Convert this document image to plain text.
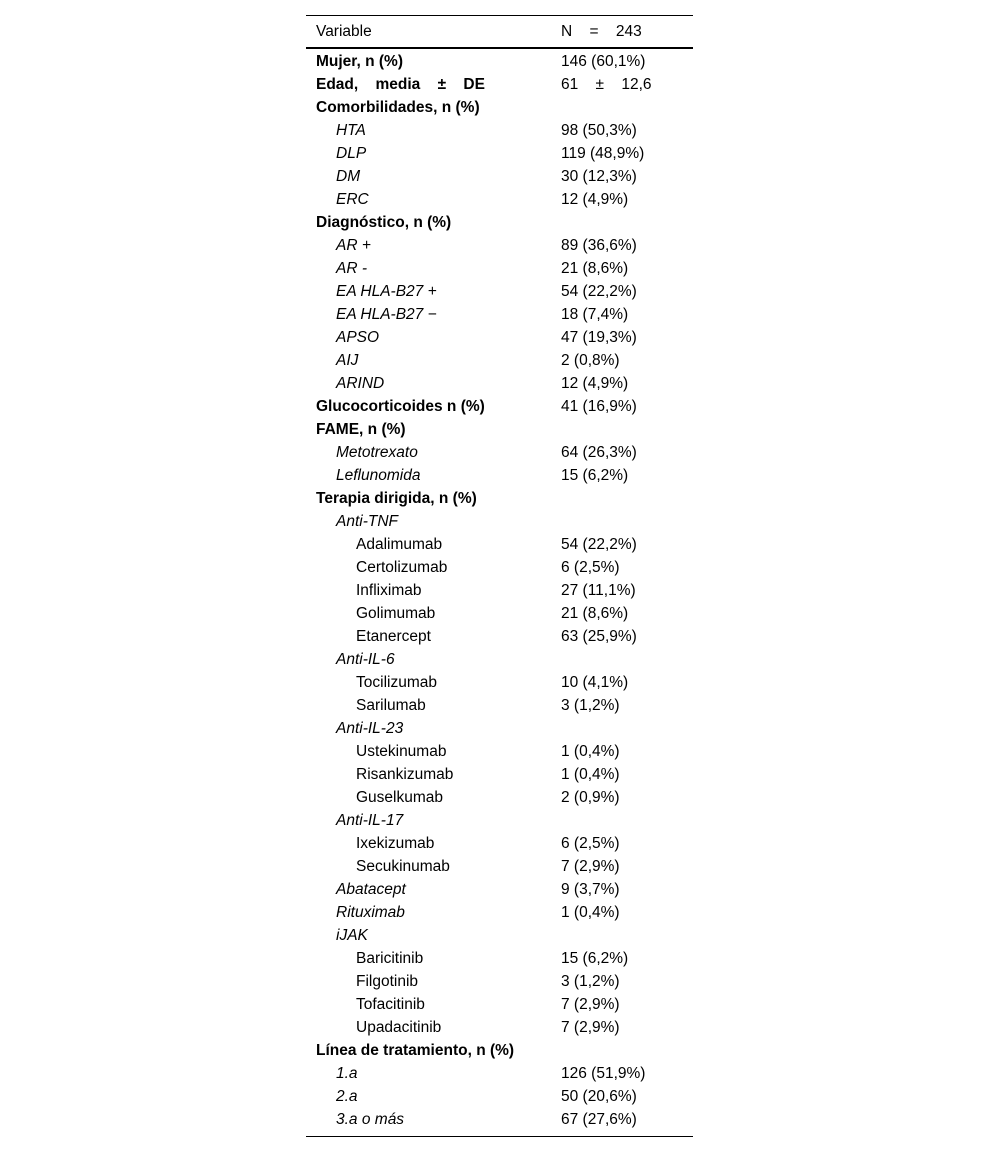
Variable	N = 243
Mujer, n (%)	146 (60,1%)
Edad, media ± DE	61 ± 12,6
Comorbilidades, n (%)
HTA	98 (50,3%)
DLP	119 (48,9%)
DM	30 (12,3%)
ERC	12 (4,9%)
Diagnóstico, n (%)
AR +	89 (36,6%)
AR -	21 (8,6%)
EA HLA-B27 +	54 (22,2%)
EA HLA-B27 −	18 (7,4%)
APSO	47 (19,3%)
AIJ	2 (0,8%)
ARIND	12 (4,9%)
Glucocorticoides n (%)	41 (16,9%)
FAME, n (%)
Metotrexato	64 (26,3%)
Leflunomida	15 (6,2%)
Terapia dirigida, n (%)
Anti-TNF
Adalimumab	54 (22,2%)
Certolizumab	6 (2,5%)
Infliximab	27 (11,1%)
Golimumab	21 (8,6%)
Etanercept	63 (25,9%)
Anti-IL-6
Tocilizumab	10 (4,1%)
Sarilumab	3 (1,2%)
Anti-IL-23
Ustekinumab	1 (0,4%)
Risankizumab	1 (0,4%)
Guselkumab	2 (0,9%)
Anti-IL-17
Ixekizumab	6 (2,5%)
Secukinumab	7 (2,9%)
Abatacept	9 (3,7%)
Rituximab	1 (0,4%)
iJAK
Baricitinib	15 (6,2%)
Filgotinib	3 (1,2%)
Tofacitinib	7 (2,9%)
Upadacitinib	7 (2,9%)
Línea de tratamiento, n (%)
1.a	126 (51,9%)
2.a	50 (20,6%)
3.a o más	67 (27,6%)
